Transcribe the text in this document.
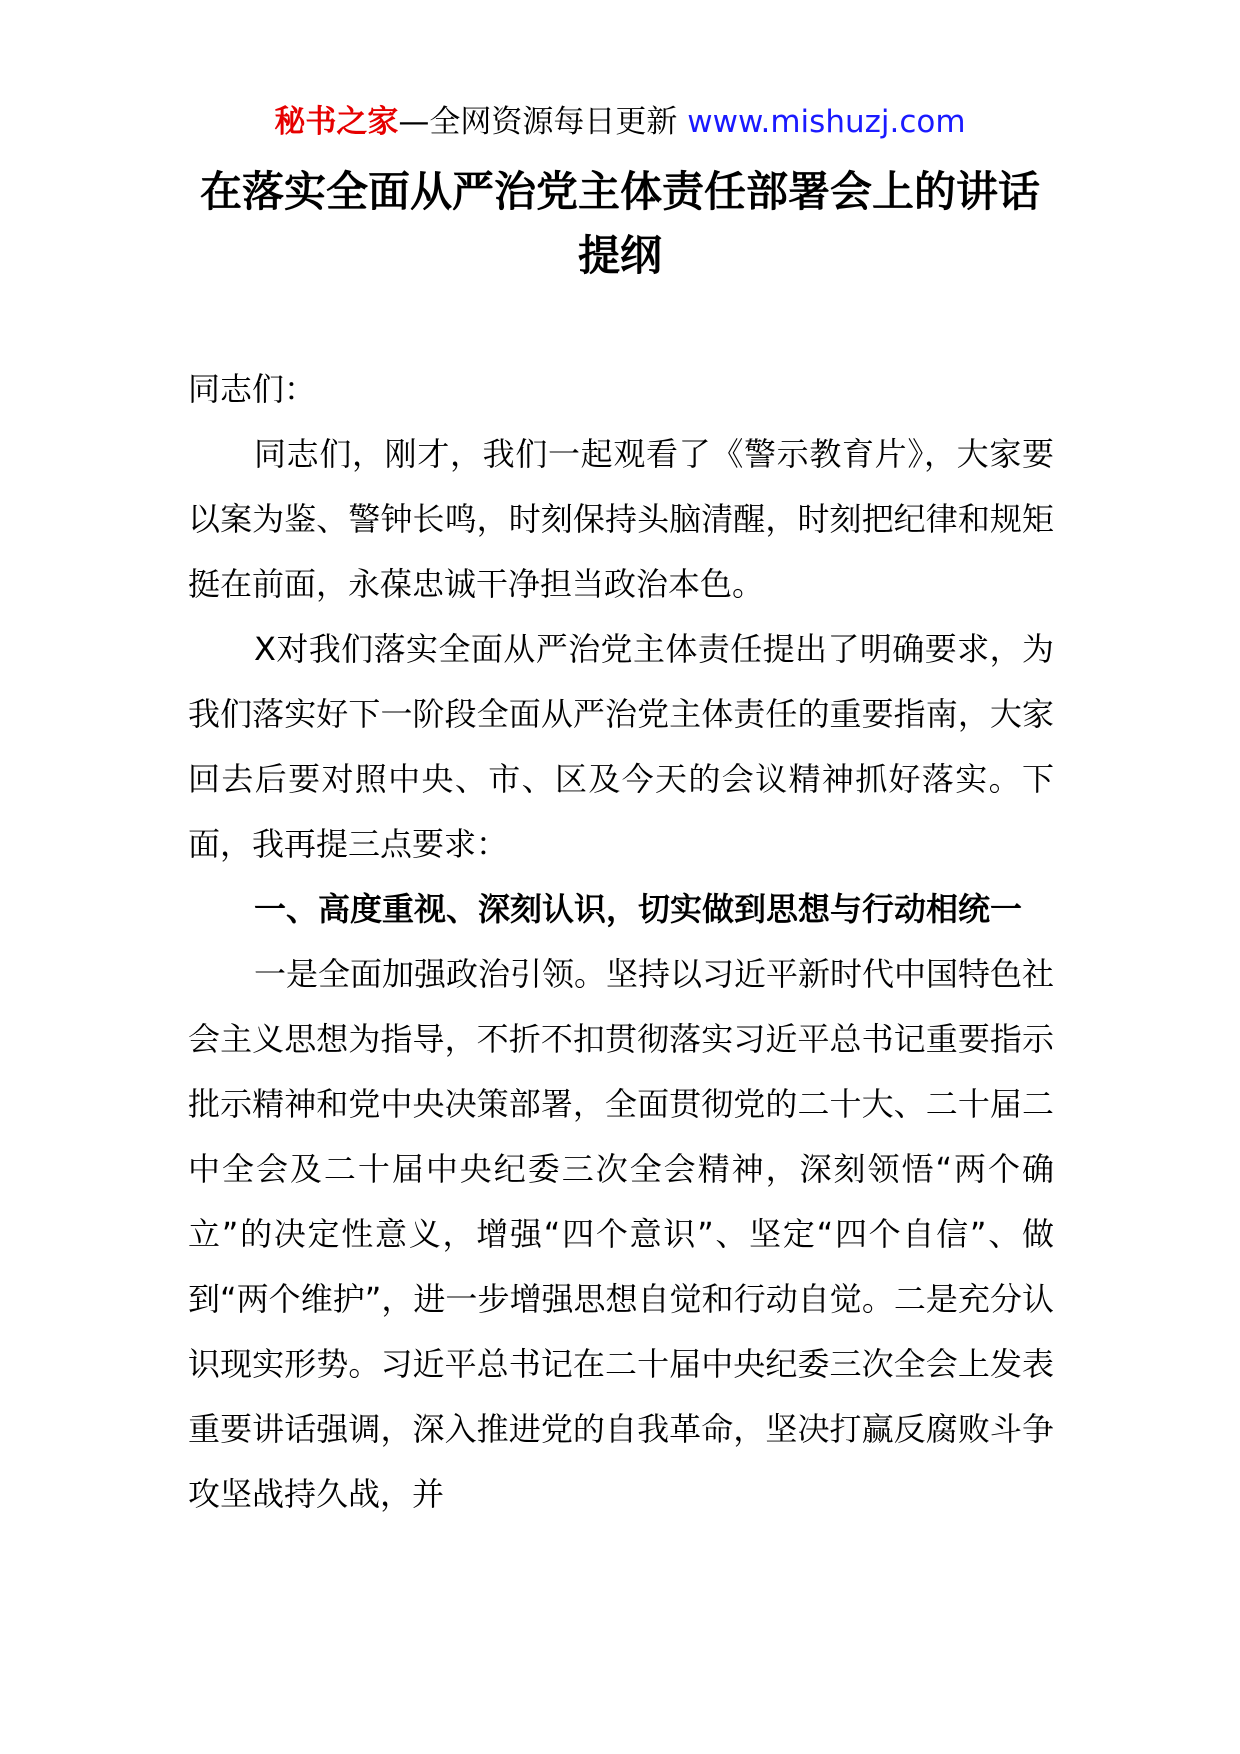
秘书之家—全网资源每日更新 www.mishuzj.com
在落实全面从严治党主体责任部署会上的讲话
提纲

同志们：

同志们，刚才，我们一起观看了《警示教育片》，大家要以案为鉴、警钟长鸣，时刻保持头脑清醒，时刻把纪律和规矩挺在前面，永葆忠诚干净担当政治本色。

X对我们落实全面从严治党主体责任提出了明确要求，为我们落实好下一阶段全面从严治党主体责任的重要指南，大家回去后要对照中央、市、区及今天的会议精神抓好落实。下面，我再提三点要求：

一、高度重视、深刻认识，切实做到思想与行动相统一

一是全面加强政治引领。坚持以习近平新时代中国特色社会主义思想为指导，不折不扣贯彻落实习近平总书记重要指示批示精神和党中央决策部署，全面贯彻党的二十大、二十届二中全会及二十届中央纪委三次全会精神，深刻领悟“两个确立”的决定性意义，增强“四个意识”、坚定“四个自信”、做到“两个维护”，进一步增强思想自觉和行动自觉。二是充分认识现实形势。习近平总书记在二十届中央纪委三次全会上发表重要讲话强调，深入推进党的自我革命，坚决打赢反腐败斗争攻坚战持久战，并
